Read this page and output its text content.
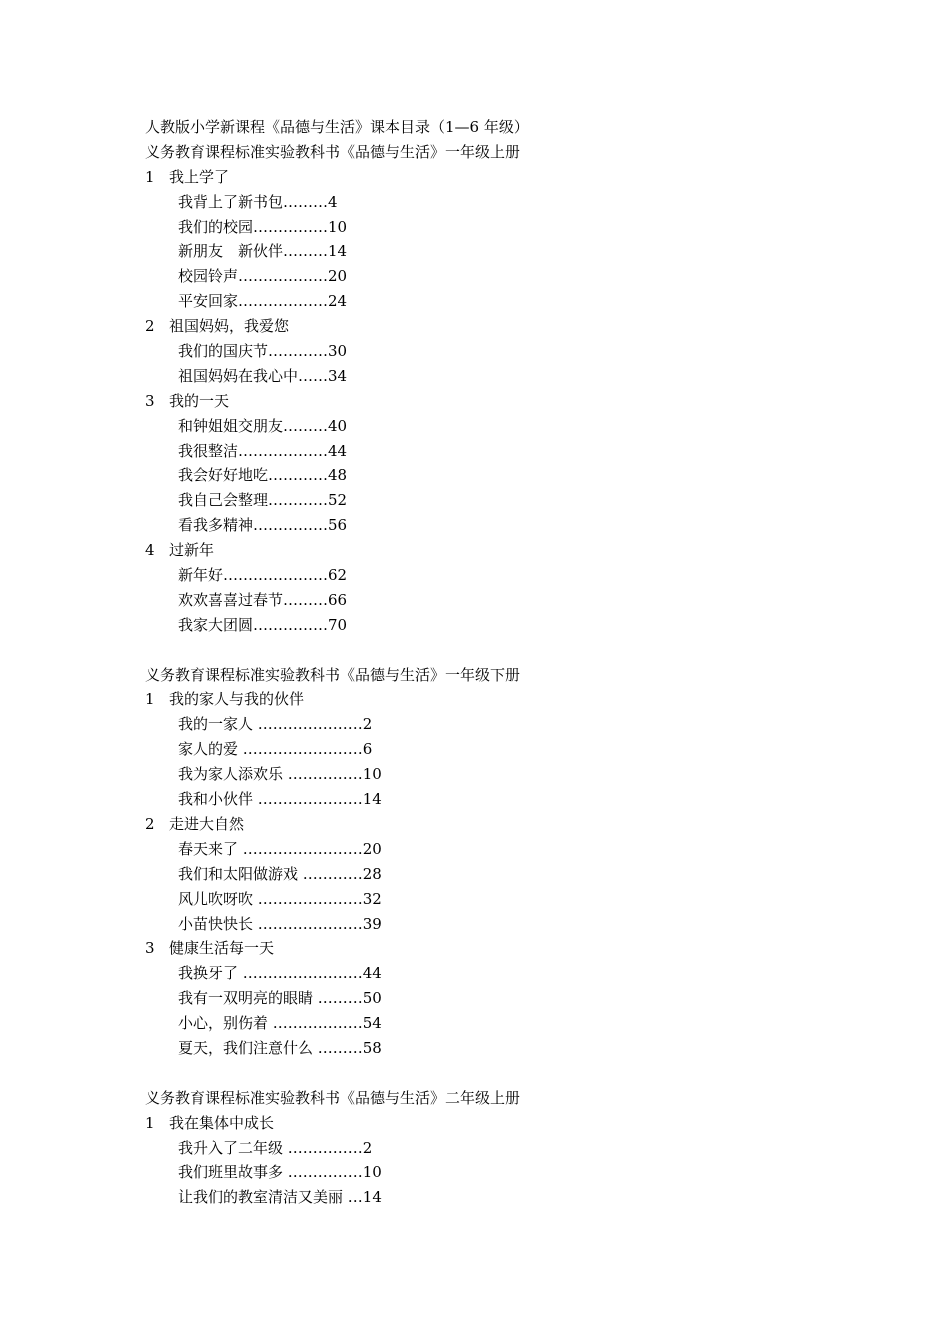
人教版小学新课程《品德与生活》课本目录（1—6 年级）
义务教育课程标准实验教科书《品德与生活》一年级上册
1 我上学了
我背上了新书包………4
我们的校园……………10
新朋友　新伙伴………14
校园铃声………………20
平安回家………………24
2 祖国妈妈，我爱您
我们的国庆节…………30
祖国妈妈在我心中……34
3 我的一天
和钟姐姐交朋友………40
我很整洁………………44
我会好好地吃…………48
我自己会整理…………52
看我多精神……………56
4 过新年
新年好…………………62
欢欢喜喜过春节………66
我家大团圆……………70
义务教育课程标准实验教科书《品德与生活》一年级下册
1 我的家人与我的伙伴
我的一家人 …………………2
家人的爱 ……………………6
我为家人添欢乐 ……………10
我和小伙伴 …………………14
2 走进大自然
春天来了 ……………………20
我们和太阳做游戏 …………28
风儿吹呀吹 …………………32
小苗快快长 …………………39
3 健康生活每一天
我换牙了 ……………………44
我有一双明亮的眼睛 ………50
小心，别伤着 ………………54
夏天，我们注意什么 ………58
义务教育课程标准实验教科书《品德与生活》二年级上册
1 我在集体中成长
我升入了二年级 ……………2
我们班里故事多 ……………10
让我们的教室清洁又美丽 …14
